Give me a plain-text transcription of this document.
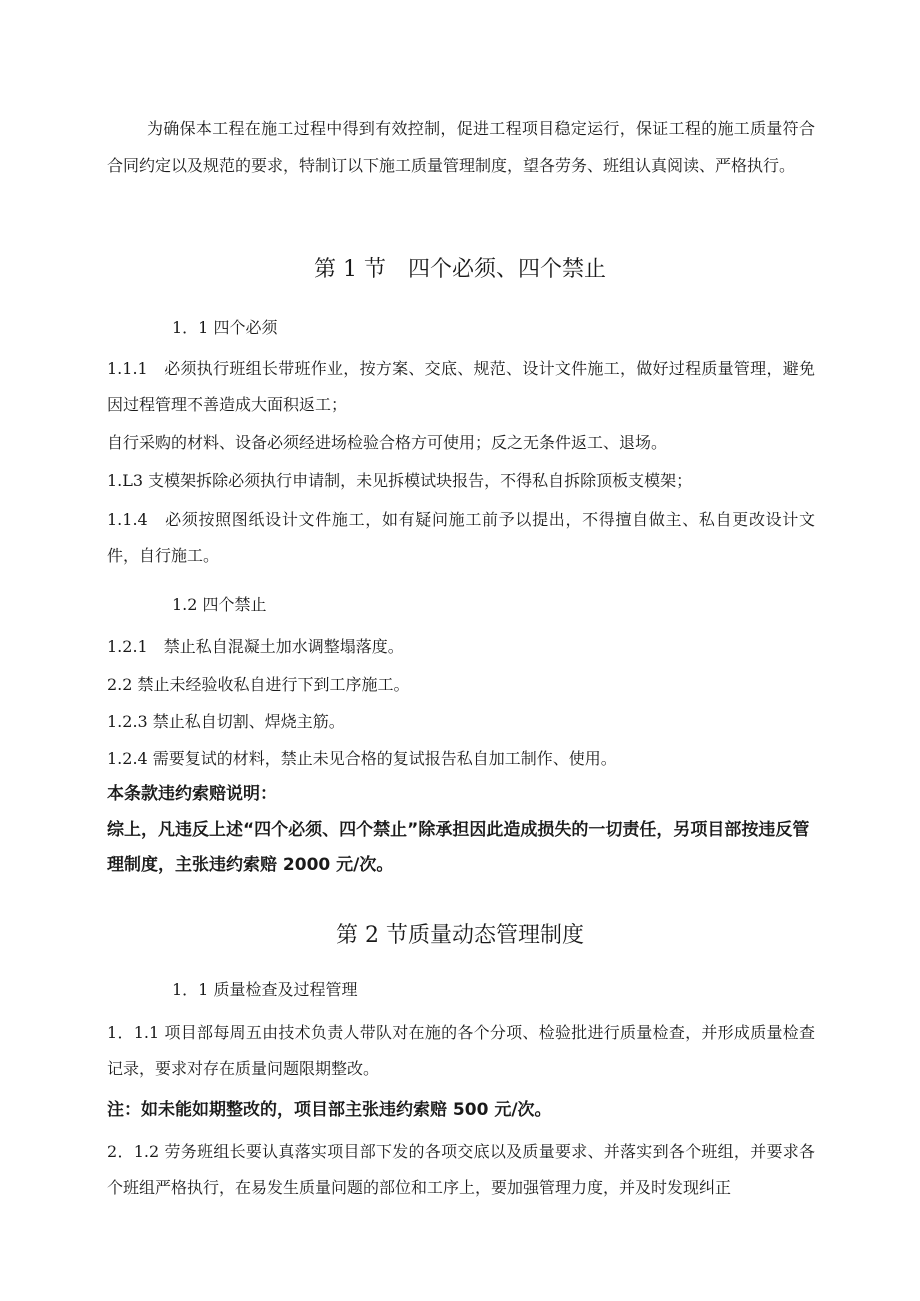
为确保本工程在施工过程中得到有效控制，促进工程项目稳定运行，保证工程的施工质量符合合同约定以及规范的要求，特制订以下施工质量管理制度，望各劳务、班组认真阅读、严格执行。

第 1 节　四个必须、四个禁止

1．1 四个必须

1.1.1　必须执行班组长带班作业，按方案、交底、规范、设计文件施工，做好过程质量管理，避免因过程管理不善造成大面积返工；

自行采购的材料、设备必须经进场检验合格方可使用；反之无条件返工、退场。

1.L3 支模架拆除必须执行申请制，未见拆模试块报告，不得私自拆除顶板支模架；

1.1.4　必须按照图纸设计文件施工，如有疑问施工前予以提出，不得擅自做主、私自更改设计文件，自行施工。

1.2 四个禁止

1.2.1　禁止私自混凝土加水调整塌落度。

2.2 禁止未经验收私自进行下到工序施工。

1.2.3 禁止私自切割、焊烧主筋。

1.2.4 需要复试的材料，禁止未见合格的复试报告私自加工制作、使用。

本条款违约索赔说明：

综上，凡违反上述“四个必须、四个禁止”除承担因此造成损失的一切责任，另项目部按违反管理制度，主张违约索赔 2000 元/次。

第 2 节质量动态管理制度

1．1 质量检查及过程管理

1．1.1 项目部每周五由技术负责人带队对在施的各个分项、检验批进行质量检查，并形成质量检查记录，要求对存在质量问题限期整改。

注：如未能如期整改的，项目部主张违约索赔 500 元/次。

2．1.2 劳务班组长要认真落实项目部下发的各项交底以及质量要求、并落实到各个班组，并要求各个班组严格执行，在易发生质量问题的部位和工序上，要加强管理力度，并及时发现纠正
